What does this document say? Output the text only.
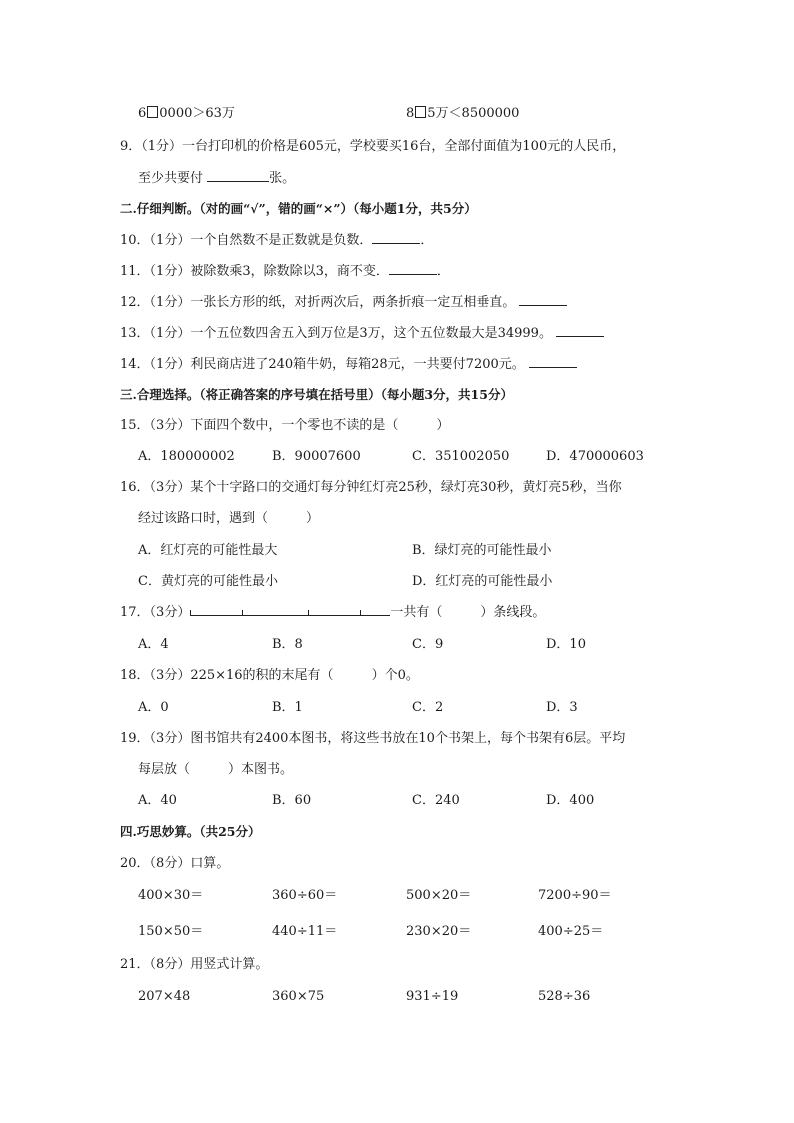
6 0000＞63万	8 5万＜8500000
9．（1分）一台打印机的价格是605元，学校要买16台，全部付面值为100元的人民币，
至少共要付	张。
二.仔细判断。（对的画“√”，错的画“×”）（每小题1分，共5分）
10．（1分）一个自然数不是正数就是负数．	．
11．（1分）被除数乘3，除数除以3，商不变．	．
12．（1分）一张长方形的纸，对折两次后，两条折痕一定互相垂直。
13．（1分）一个五位数四舍五入到万位是3万，这个五位数最大是34999。
14．（1分）利民商店进了240箱牛奶，每箱28元，一共要付7200元。
三.合理选择。（将正确答案的序号填在括号里）（每小题3分，共15分）
15．（3分）下面四个数中，一个零也不读的是（	）
A．180000002	B．90007600	C．351002050	D．470000603
16．（3分）某个十字路口的交通灯每分钟红灯亮25秒，绿灯亮30秒，黄灯亮5秒，当你
经过该路口时，遇到（	）
A．红灯亮的可能性最大	B．绿灯亮的可能性最小
C．黄灯亮的可能性最小	D．红灯亮的可能性最小
17．（3分）	一共有（	）条线段。
A．4	B．8	C．9	D．10
18．（3分）225×16的积的末尾有（	）个0。
A．0	B．1	C．2	D．3
19．（3分）图书馆共有2400本图书，将这些书放在10个书架上，每个书架有6层。平均
每层放（	）本图书。
A．40	B．60	C．240	D．400
四.巧思妙算。（共25分）
20．（8分）口算。
400×30＝	360÷60＝	500×20＝	7200÷90＝
150×50＝	440÷11＝	230×20＝	400÷25＝
21．（8分）用竖式计算。
207×48	360×75	931÷19	528÷36
